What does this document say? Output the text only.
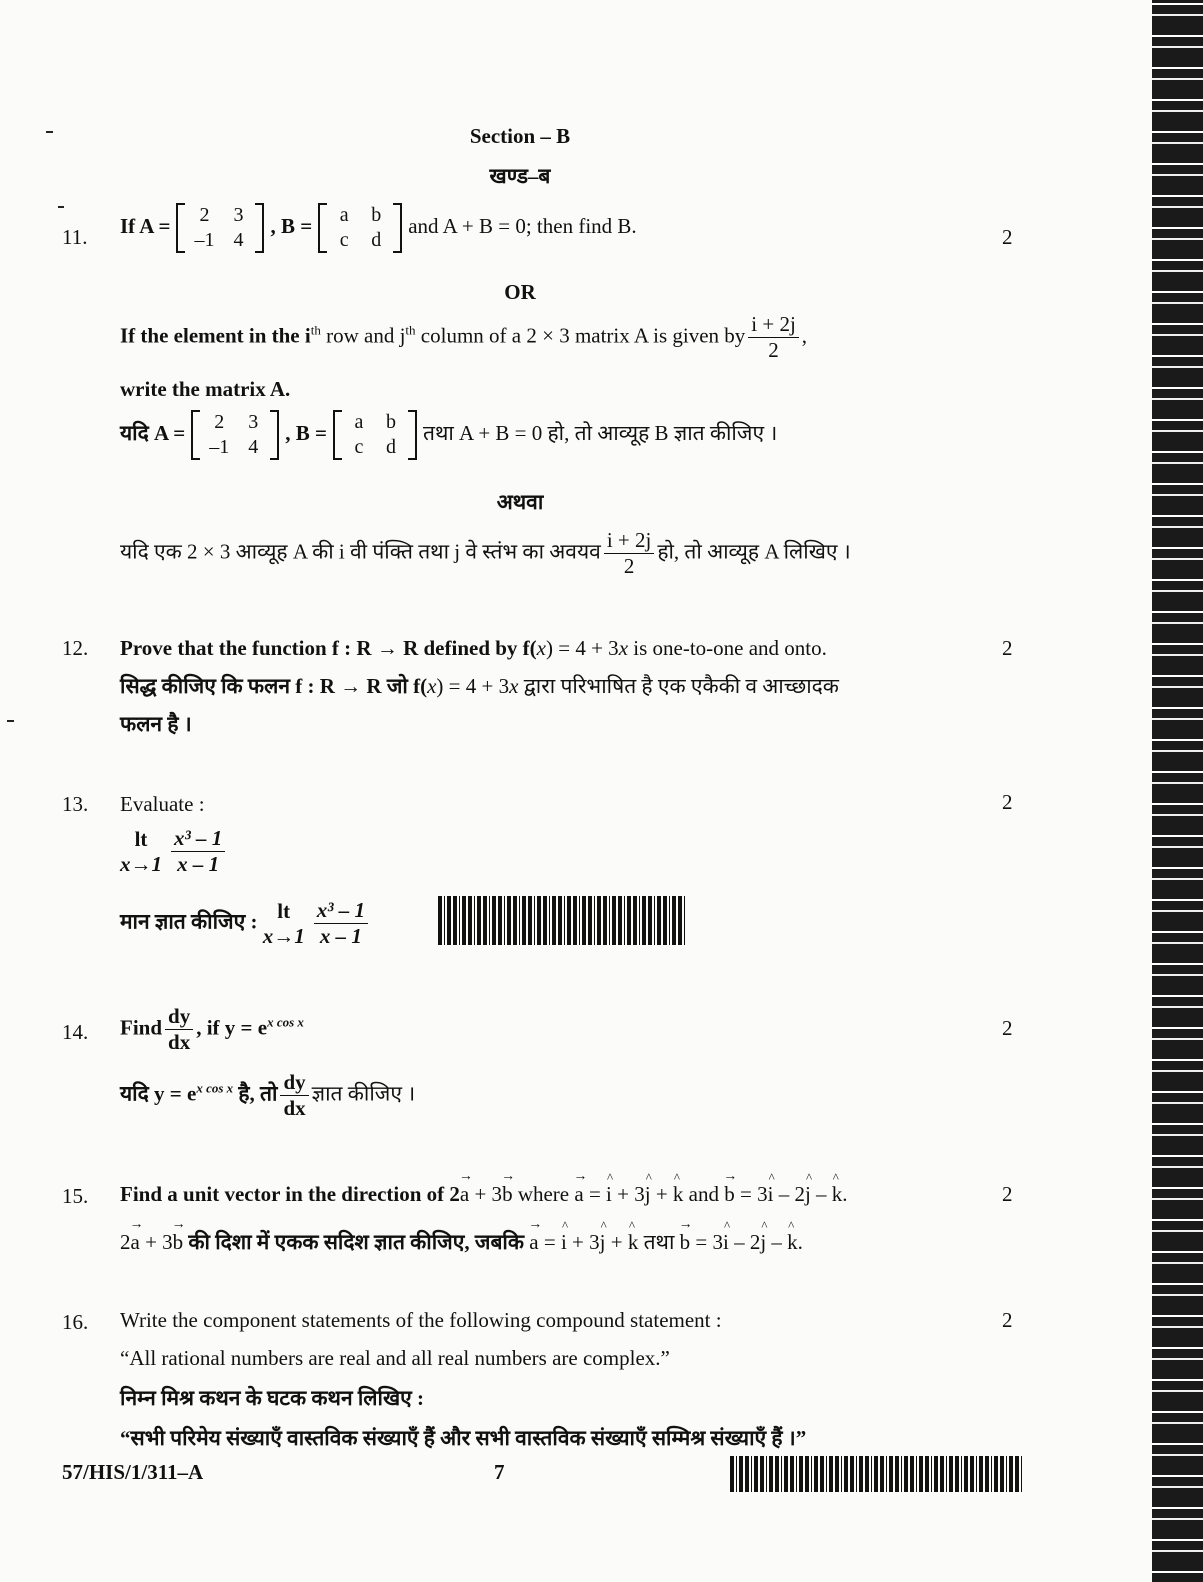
Section – B
खण्ड–ब
11.	2
If A = 2	3
–1	4
, B = a	b
c	d
and A + B = 0; then find B.
OR
If the element in the $i^{th}$ row and $j^{th}$ column of a 2 × 3 matrix A is given by $\frac{i + 2j}{2}$ ,
write the matrix A.
यदि A = 2	3
–1	4
, B = a	b
c	d
तथा A + B = 0 हो, तो आव्यूह B ज्ञात कीजिए ।
अथवा
यदि एक 2 × 3 आव्यूह A की i वी पंक्ति तथा j वे स्तंभ का अवयव $\frac{i + 2j}{2}$ हो, तो आव्यूह A लिखिए ।
12.	2
Prove that the function f : R → R defined by f(x) = 4 + 3x is one-to-one and onto.
सिद्ध कीजिए कि फलन f : R → R जो f(x) = 4 + 3x द्वारा परिभाषित है एक एकैकी व आच्छादक
फलन है ।
13.	2
Evaluate :
lt
$x\to 1 \frac{\text{x³ – 1}}{x - 1}$
मान ज्ञात कीजिए : lt
$x\to 1 \frac{\text{x³ – 1}}{x - 1}$
14.	2
Find $\frac{dy}{dx}$ , if $y = e^{x cos x}$
यदि $y = e^{x cos x}$ है, तो $\frac{dy}{dx}$ ज्ञात कीजिए ।
15.	2
Find a unit vector in the direction of 2→ a + 3→ b where → a = ^ i + 3^ j + ^ k and → b = 3^ i – 2^ j – ^ k.
2→ a + 3→ b की दिशा में एकक सदिश ज्ञात कीजिए, जबकि → a = ^ i + 3^ j + ^ k तथा → b = 3^ i – 2^ j – ^ k.
16.	2
Write the component statements of the following compound statement :
“All rational numbers are real and all real numbers are complex.”
निम्न मिश्र कथन के घटक कथन लिखिए :
“सभी परिमेय संख्याएँ वास्तविक संख्याएँ हैं और सभी वास्तविक संख्याएँ सम्मिश्र संख्याएँ हैं ।”
57/HIS/1/311–A	7
